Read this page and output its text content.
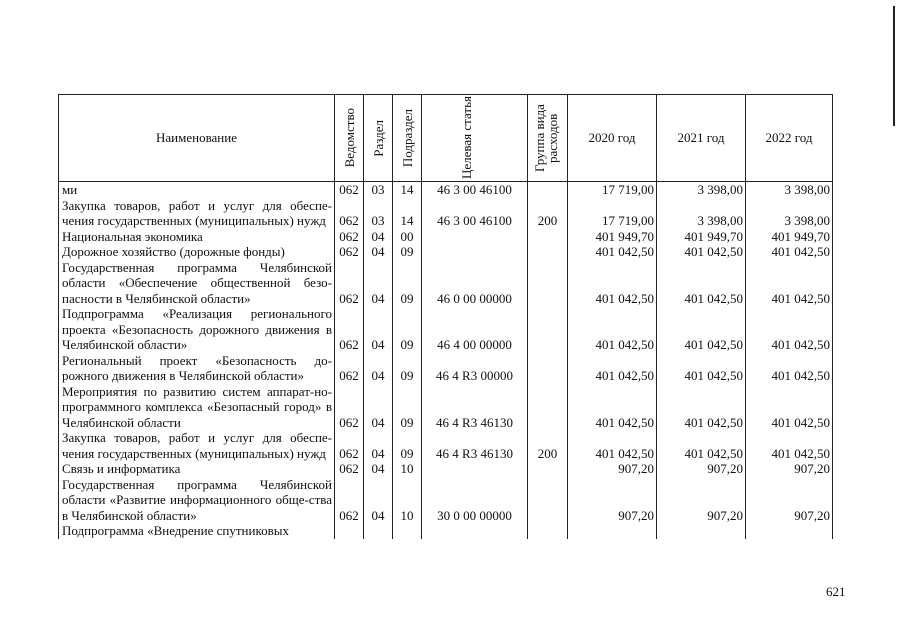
Наименование	Ведомство	Раздел	Подраздел	Целевая статья	Группа вида расходов	2020 год	2021 год	2022 год
ми	062	03	14	46 3 00 46100		17 719,00	3 398,00	3 398,00
Закупка товаров, работ и услуг для обеспе-чения государственных (муниципальных) нужд	062	03	14	46 3 00 46100	200	17 719,00	3 398,00	3 398,00
Национальная экономика	062	04	00			401 949,70	401 949,70	401 949,70
Дорожное хозяйство (дорожные фонды)	062	04	09			401 042,50	401 042,50	401 042,50
Государственная программа Челябинской области «Обеспечение общественной безо-пасности в Челябинской области»	062	04	09	46 0 00 00000		401 042,50	401 042,50	401 042,50
Подпрограмма «Реализация регионального проекта «Безопасность дорожного движения в Челябинской области»	062	04	09	46 4 00 00000		401 042,50	401 042,50	401 042,50
Региональный проект «Безопасность до-рожного движения в Челябинской области»	062	04	09	46 4 R3 00000		401 042,50	401 042,50	401 042,50
Мероприятия по развитию систем аппарат-но-программного комплекса «Безопасный город» в Челябинской области	062	04	09	46 4 R3 46130		401 042,50	401 042,50	401 042,50
Закупка товаров, работ и услуг для обеспе-чения государственных (муниципальных) нужд	062	04	09	46 4 R3 46130	200	401 042,50	401 042,50	401 042,50
Связь и информатика	062	04	10			907,20	907,20	907,20
Государственная программа Челябинской области «Развитие информационного обще-ства в Челябинской области»	062	04	10	30 0 00 00000		907,20	907,20	907,20
Подпрограмма «Внедрение спутниковых								
621
